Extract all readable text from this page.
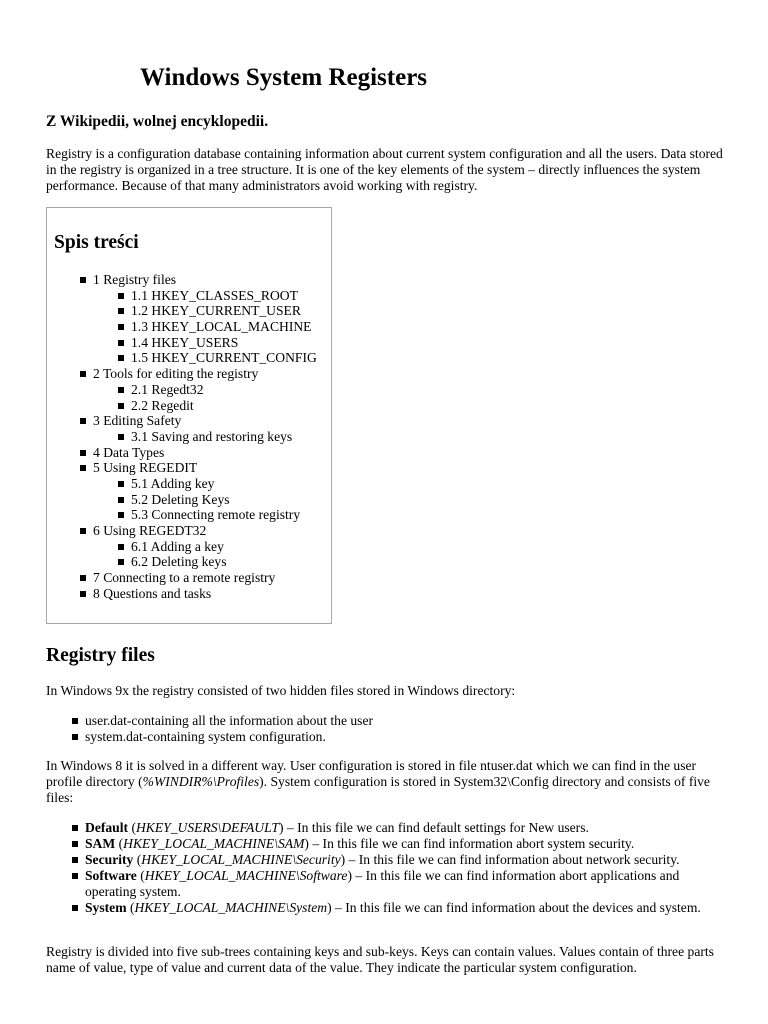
Windows System Registers

Z Wikipedii, wolnej encyklopedii.

Registry is a configuration database containing information about current system configuration and all the users. Data stored in the registry is organized in a tree structure. It is one of the key elements of the system – directly influences the system performance. Because of that many administrators avoid working with registry.

Spis treści
1 Registry files
1.1 HKEY_CLASSES_ROOT
1.2 HKEY_CURRENT_USER
1.3 HKEY_LOCAL_MACHINE
1.4 HKEY_USERS
1.5 HKEY_CURRENT_CONFIG
2 Tools for editing the registry
2.1 Regedt32
2.2 Regedit
3 Editing Safety
3.1 Saving and restoring keys
4 Data Types
5 Using REGEDIT
5.1 Adding key
5.2 Deleting Keys
5.3 Connecting remote registry
6 Using REGEDT32
6.1 Adding a key
6.2 Deleting keys
7 Connecting to a remote registry
8 Questions and tasks
Registry files

In Windows 9x the registry consisted of two hidden files stored in Windows directory:

user.dat-containing all the information about the user
system.dat-containing system configuration.

In Windows 8 it is solved in a different way. User configuration is stored in file ntuser.dat which we can find in the user profile directory (%WINDIR%\Profiles). System configuration is stored in System32\Config directory and consists of five files:

Default (HKEY_USERS\DEFAULT) – In this file we can find default settings for New users.
SAM (HKEY_LOCAL_MACHINE\SAM) – In this file we can find information abort system security.
Security (HKEY_LOCAL_MACHINE\Security) – In this file we can find information about network security.
Software (HKEY_LOCAL_MACHINE\Software) – In this file we can find information abort applications and operating system.
System (HKEY_LOCAL_MACHINE\System) – In this file we can find information about the devices and system.

Registry is divided into five sub-trees containing keys and sub-keys. Keys can contain values. Values contain of three parts name of value, type of value and current data of the value. They indicate the particular system configuration.
